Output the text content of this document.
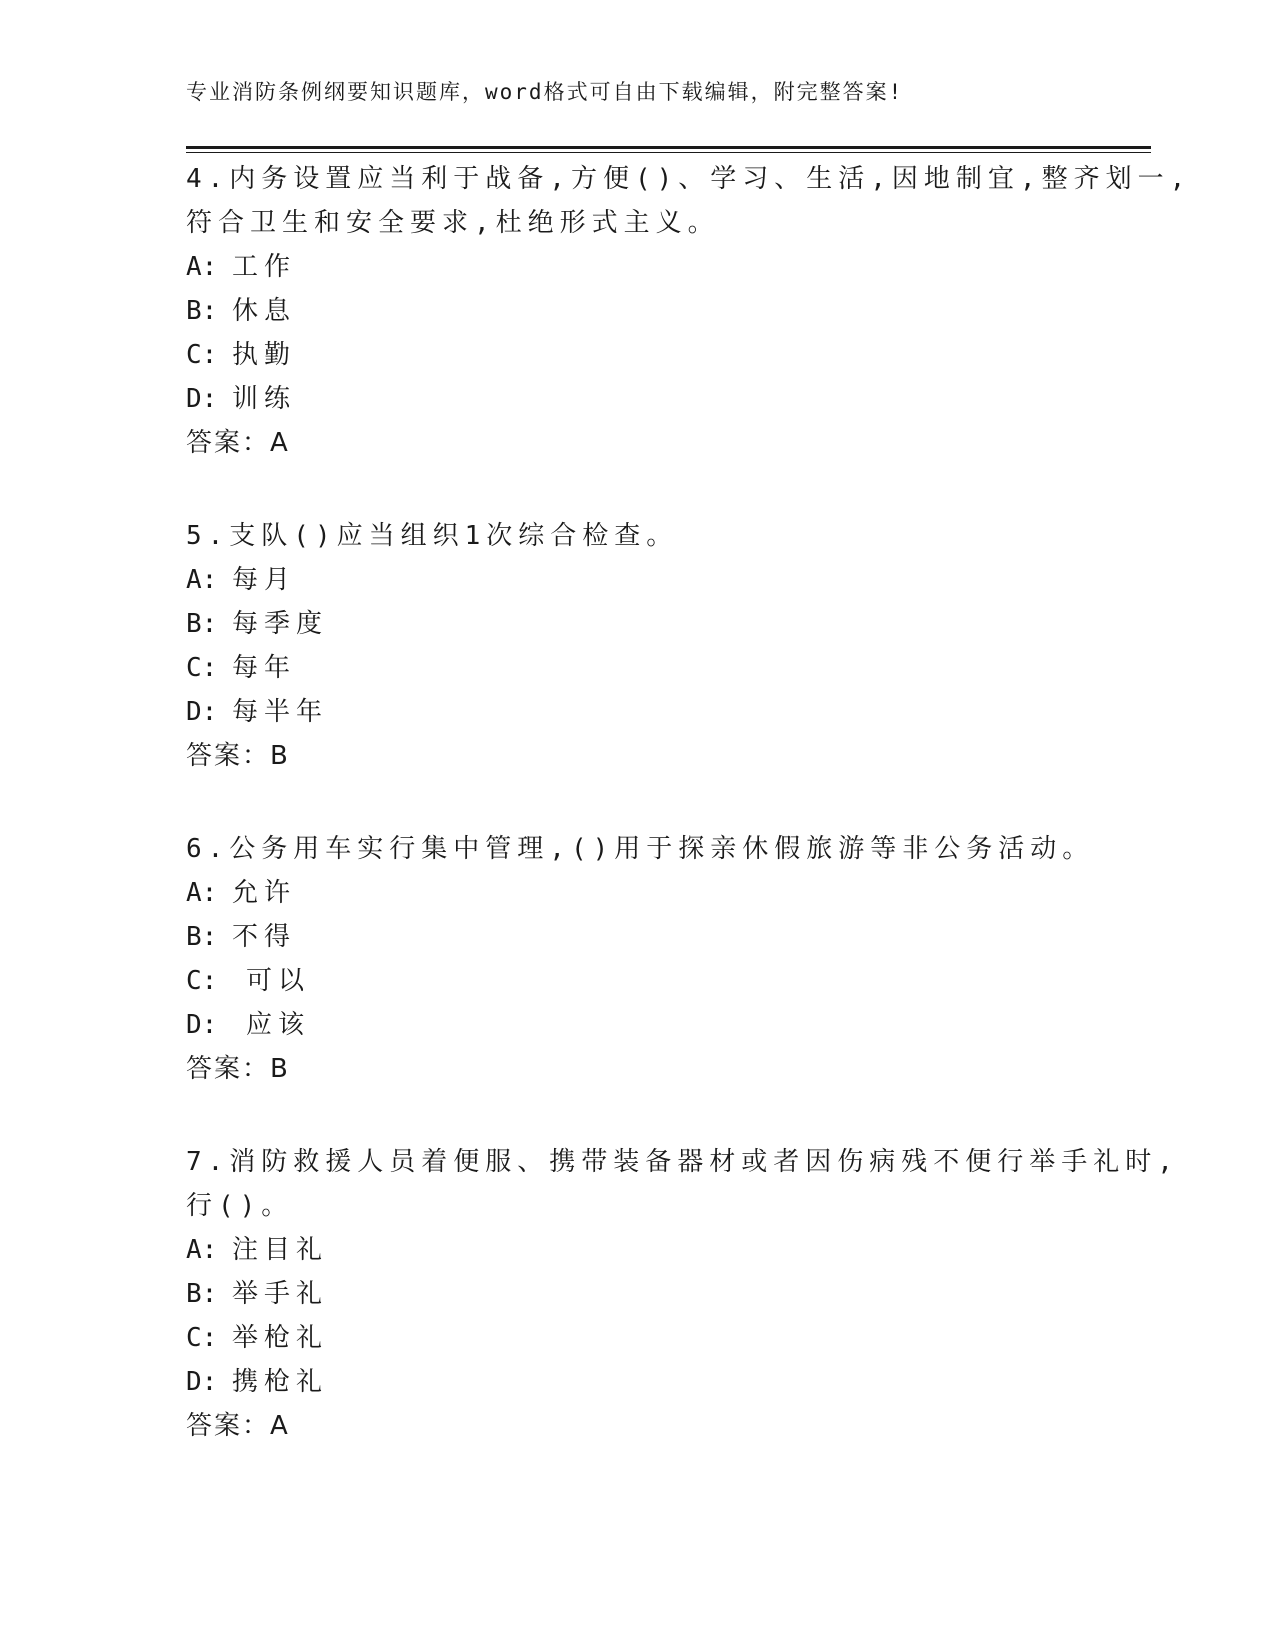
专业消防条例纲要知识题库，word格式可自由下载编辑，附完整答案!
4.内务设置应当利于战备,方便()、学习、生活,因地制宜,整齐划一,
符合卫生和安全要求,杜绝形式主义。
A: 工作
B: 休息
C: 执勤
D: 训练
答案：A
5.支队()应当组织1次综合检查。
A: 每月
B: 每季度
C: 每年
D: 每半年
答案：B
6.公务用车实行集中管理,()用于探亲休假旅游等非公务活动。
A: 允许
B: 不得
C: 可以
D: 应该
答案：B
7.消防救援人员着便服、携带装备器材或者因伤病残不便行举手礼时,
行()。
A: 注目礼
B: 举手礼
C: 举枪礼
D: 携枪礼
答案：A
